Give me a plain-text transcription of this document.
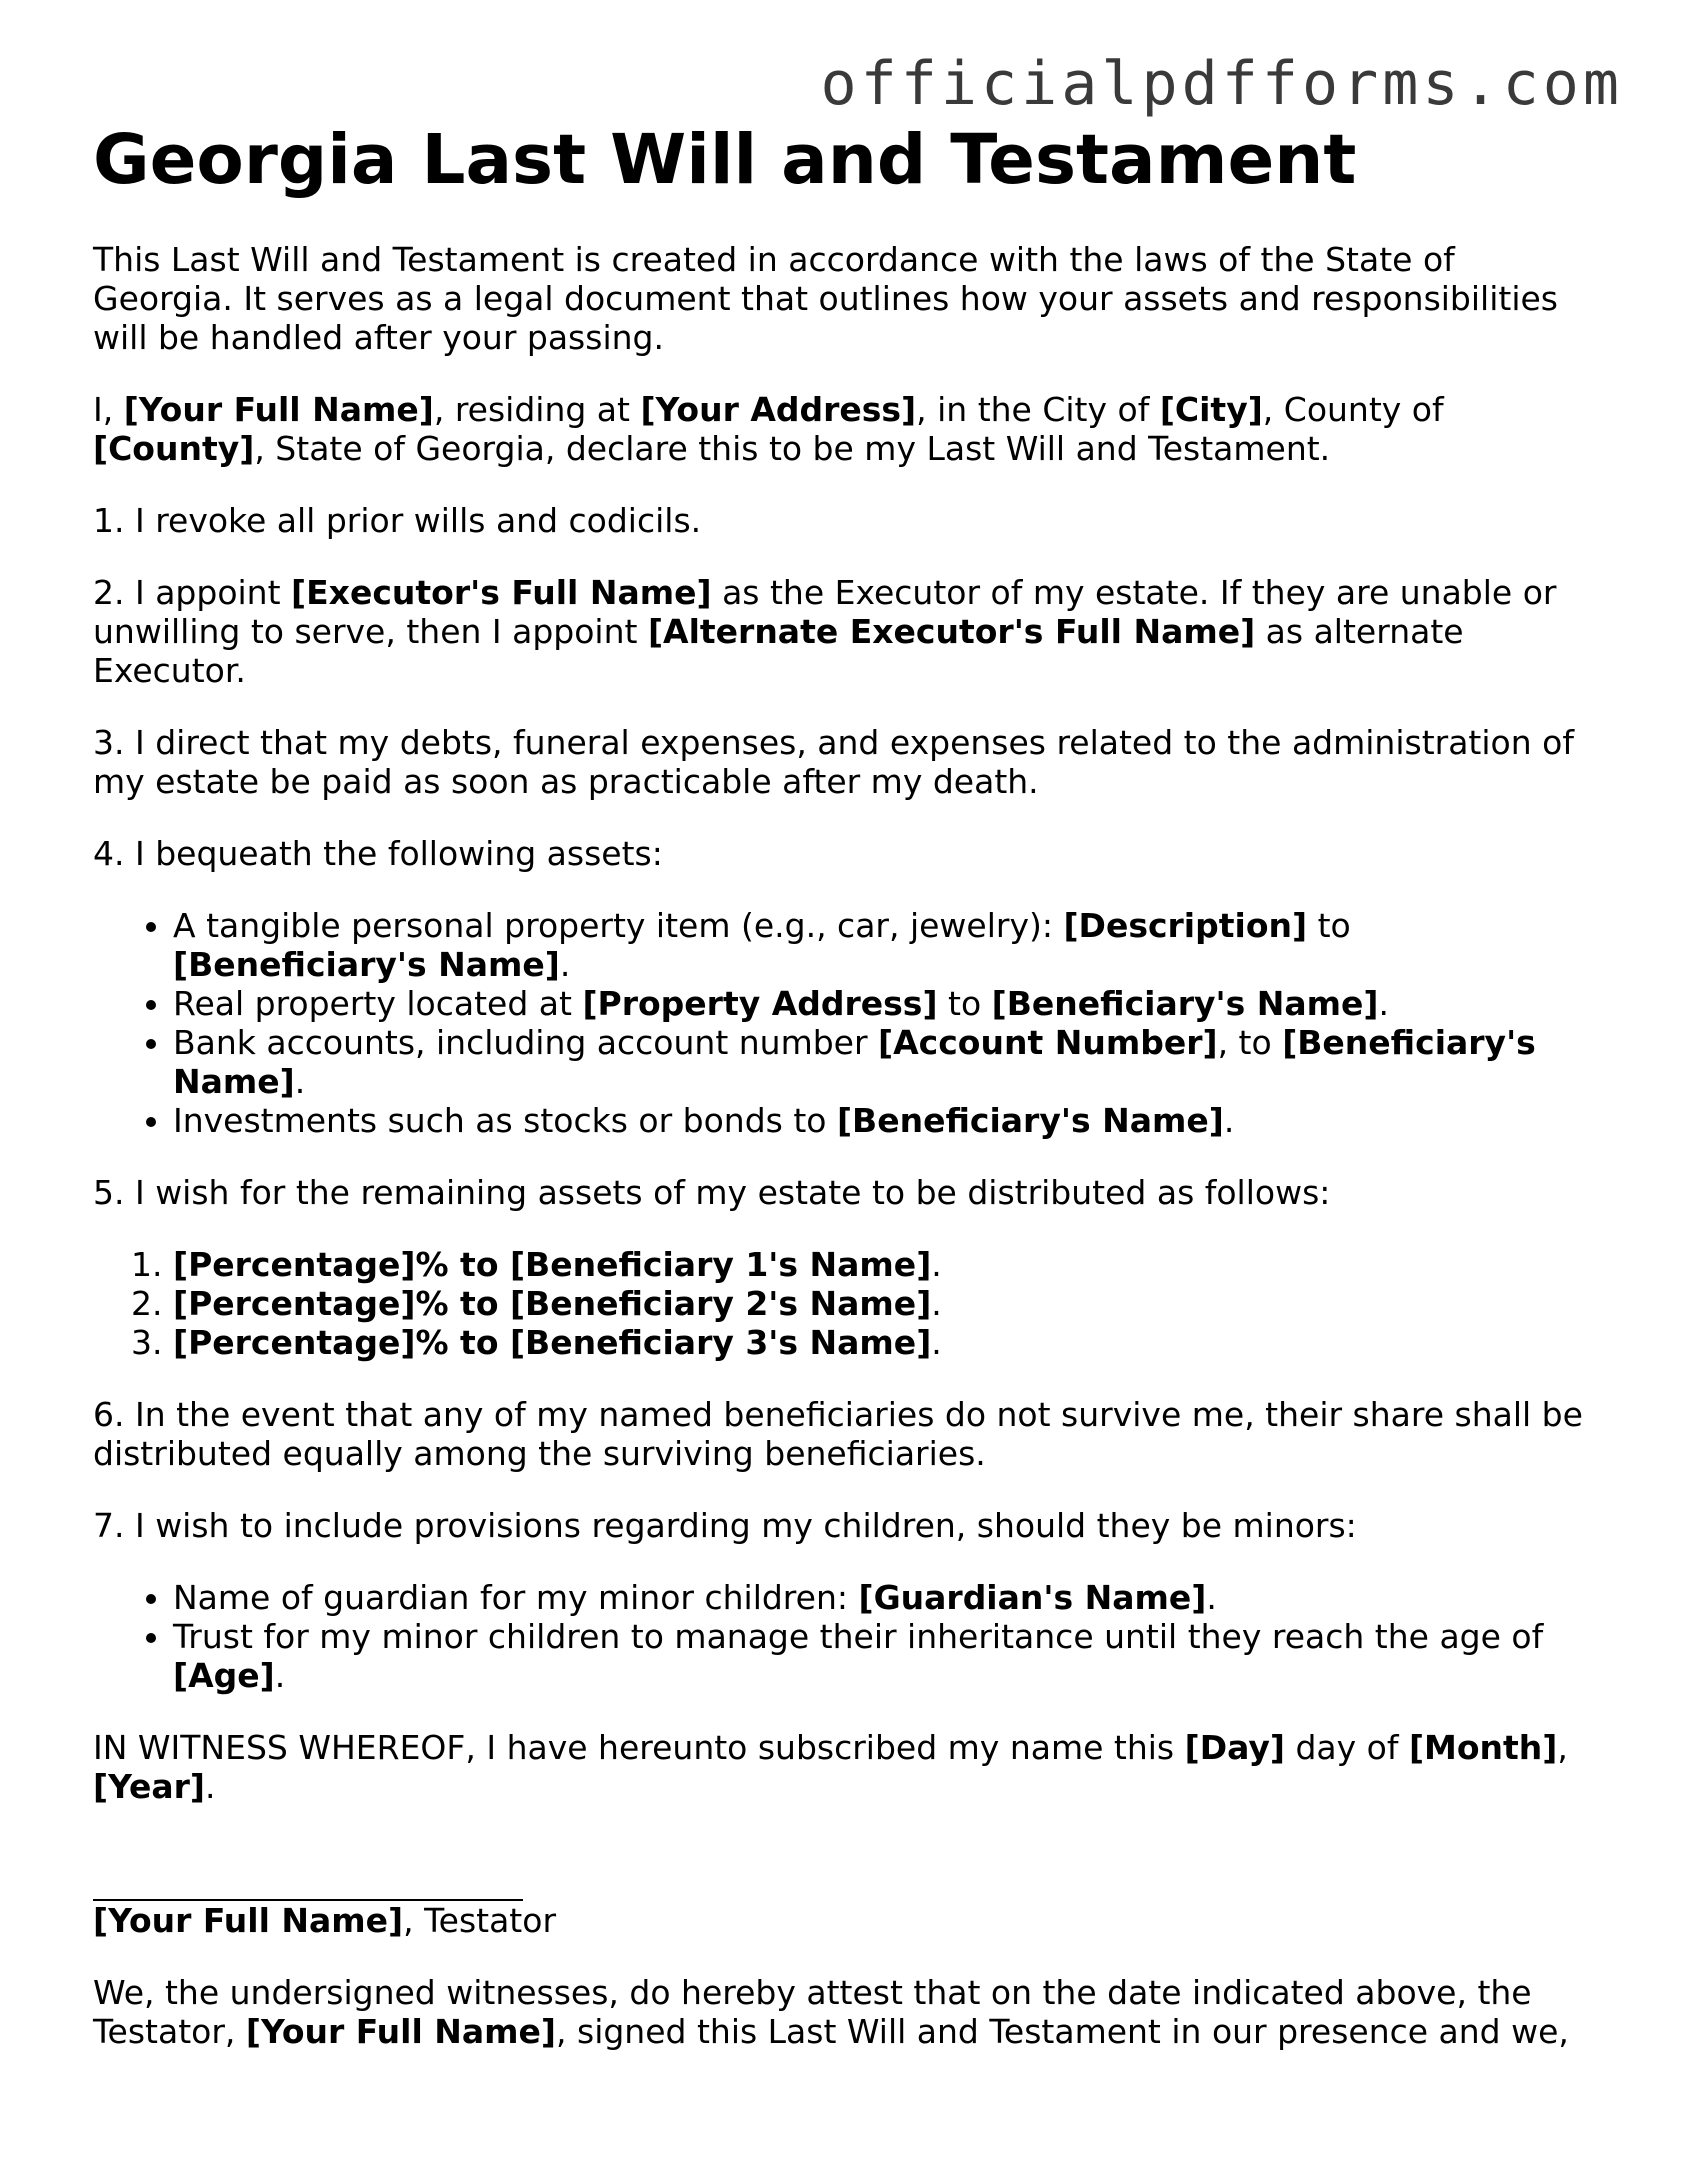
officialpdfforms.com
Georgia Last Will and Testament

This Last Will and Testament is created in accordance with the laws of the State of Georgia. It serves as a legal document that outlines how your assets and responsibilities will be handled after your passing.

I, [Your Full Name], residing at [Your Address], in the City of [City], County of [County], State of Georgia, declare this to be my Last Will and Testament.

1. I revoke all prior wills and codicils.

2. I appoint [Executor's Full Name] as the Executor of my estate. If they are unable or unwilling to serve, then I appoint [Alternate Executor's Full Name] as alternate Executor.

3. I direct that my debts, funeral expenses, and expenses related to the administration of my estate be paid as soon as practicable after my death.

4. I bequeath the following assets:

• A tangible personal property item (e.g., car, jewelry): [Description] to [Beneficiary's Name].
• Real property located at [Property Address] to [Beneficiary's Name].
• Bank accounts, including account number [Account Number], to [Beneficiary's Name].
• Investments such as stocks or bonds to [Beneficiary's Name].

5. I wish for the remaining assets of my estate to be distributed as follows:

1. [Percentage]% to [Beneficiary 1's Name].
2. [Percentage]% to [Beneficiary 2's Name].
3. [Percentage]% to [Beneficiary 3's Name].

6. In the event that any of my named beneficiaries do not survive me, their share shall be distributed equally among the surviving beneficiaries.

7. I wish to include provisions regarding my children, should they be minors:

• Name of guardian for my minor children: [Guardian's Name].
• Trust for my minor children to manage their inheritance until they reach the age of [Age].

IN WITNESS WHEREOF, I have hereunto subscribed my name this [Day] day of [Month], [Year].

[Your Full Name], Testator

We, the undersigned witnesses, do hereby attest that on the date indicated above, the Testator, [Your Full Name], signed this Last Will and Testament in our presence and we,
